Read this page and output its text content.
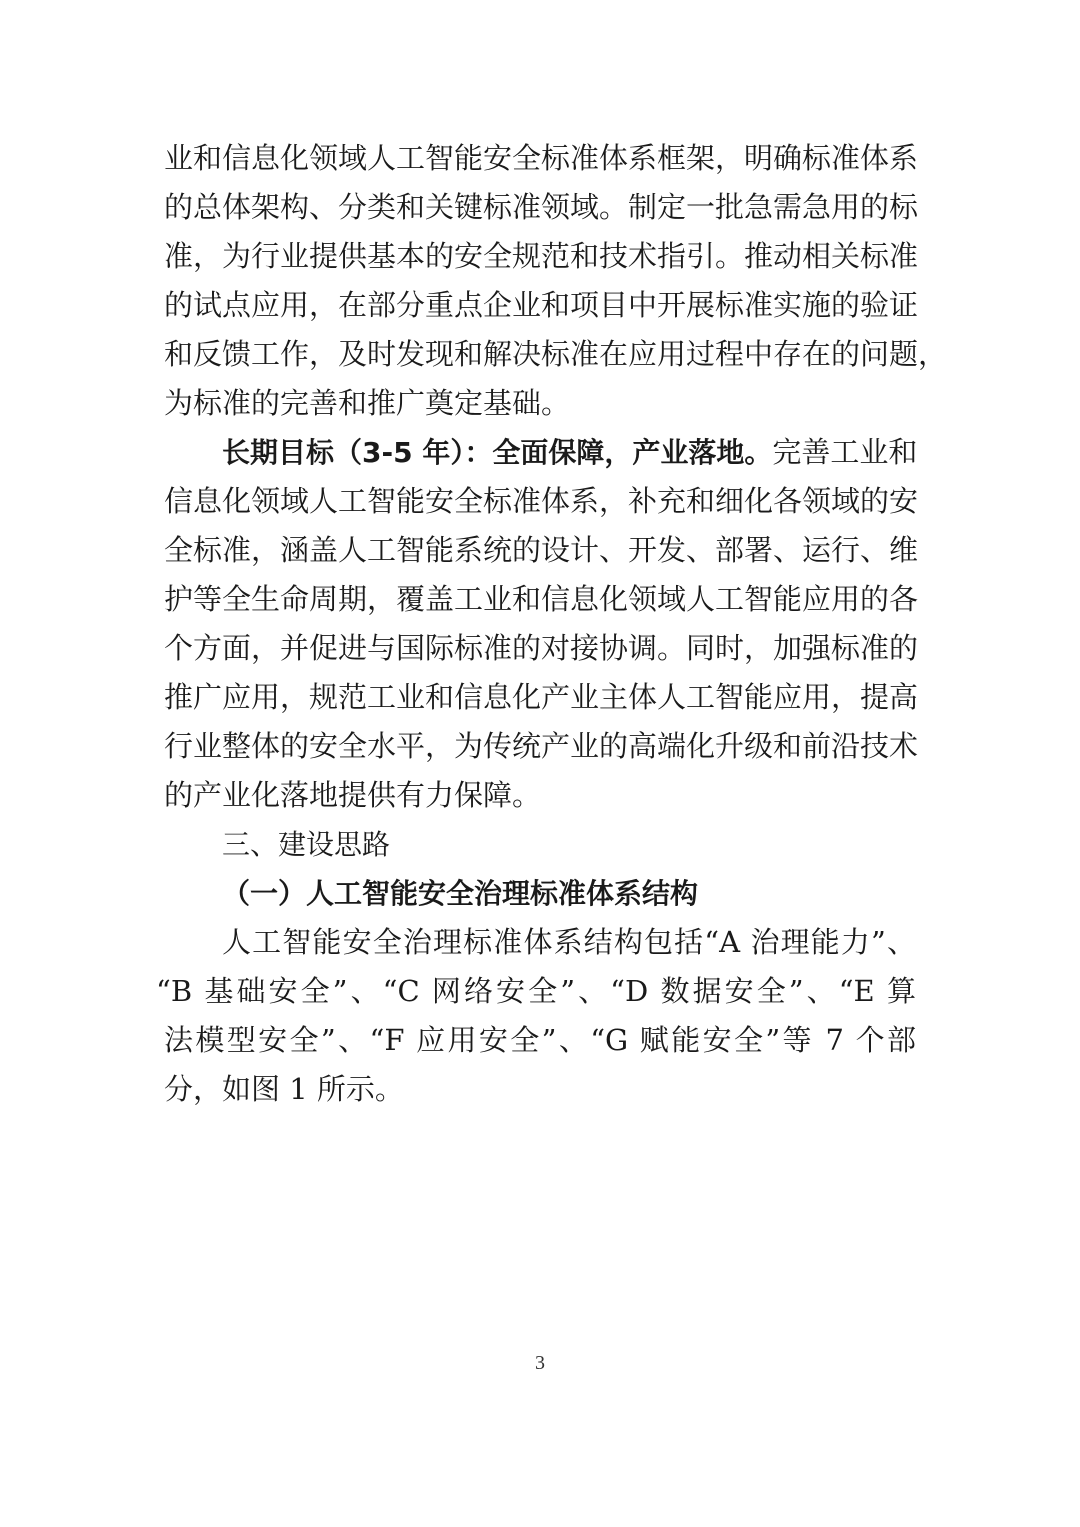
业和信息化领域人工智能安全标准体系框架，明确标准体系
的总体架构、分类和关键标准领域。制定一批急需急用的标
准，为行业提供基本的安全规范和技术指引。推动相关标准
的试点应用，在部分重点企业和项目中开展标准实施的验证
和反馈工作，及时发现和解决标准在应用过程中存在的问题，
为标准的完善和推广奠定基础。
长期目标（3-5 年）：全面保障，产业落地。完善工业和
信息化领域人工智能安全标准体系，补充和细化各领域的安
全标准，涵盖人工智能系统的设计、开发、部署、运行、维
护等全生命周期，覆盖工业和信息化领域人工智能应用的各
个方面，并促进与国际标准的对接协调。同时，加强标准的
推广应用，规范工业和信息化产业主体人工智能应用，提高
行业整体的安全水平，为传统产业的高端化升级和前沿技术
的产业化落地提供有力保障。
三、建设思路
（一）人工智能安全治理标准体系结构
人工智能安全治理标准体系结构包括“A 治理能力”、
“B 基础安全”、“C 网络安全”、“D 数据安全”、“E 算
法模型安全”、“F 应用安全”、“G 赋能安全”等 7 个部
分，如图 1 所示。
3
